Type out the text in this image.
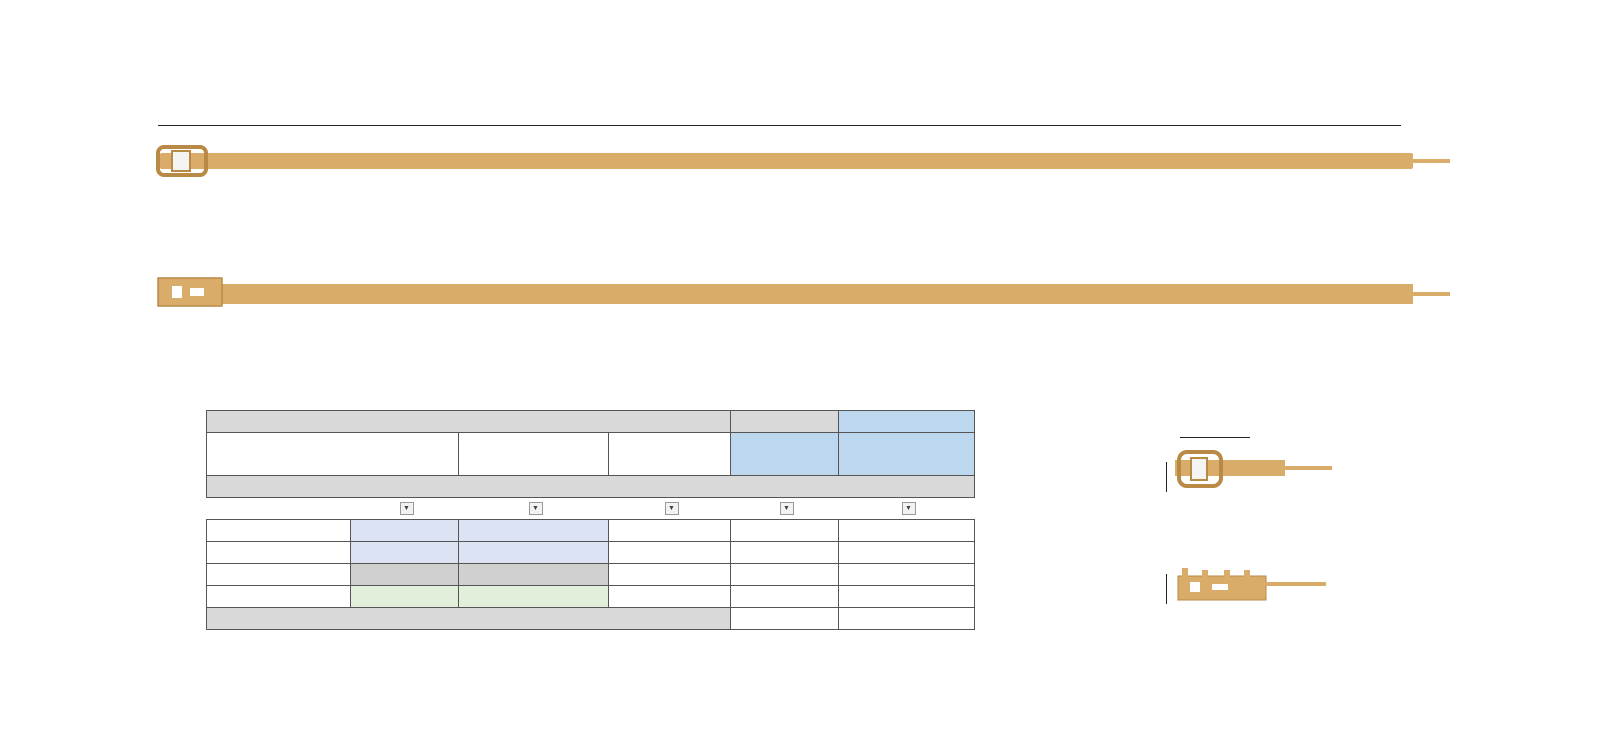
	▼	▼	▼	▼	▼
